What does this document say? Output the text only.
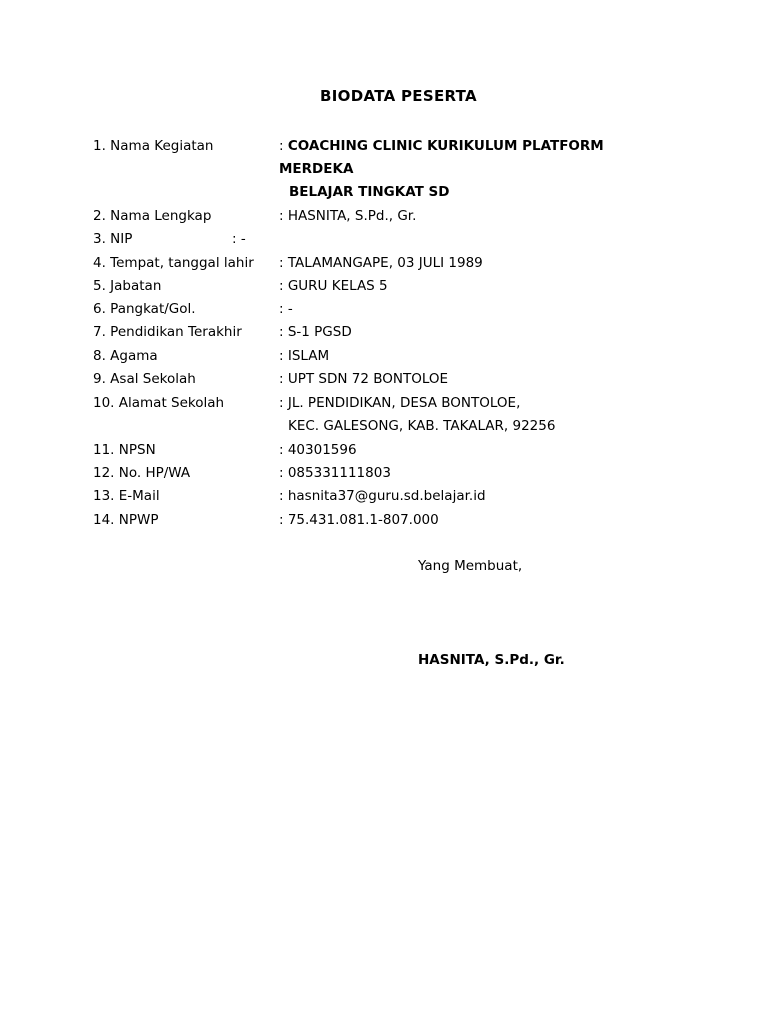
BIODATA PESERTA
1. Nama Kegiatan	: COACHING CLINIC KURIKULUM PLATFORM
MERDEKA
BELAJAR TINGKAT SD
2. Nama Lengkap	: HASNITA, S.Pd., Gr.
3. NIP	: -
4. Tempat, tanggal lahir : TALAMANGAPE, 03 JULI 1989
5. Jabatan	: GURU KELAS 5
6. Pangkat/Gol.	: -
7. Pendidikan Terakhir	: S-1 PGSD
8. Agama	: ISLAM
9. Asal Sekolah	: UPT SDN 72 BONTOLOE
10. Alamat Sekolah	: JL. PENDIDIKAN, DESA BONTOLOE,
KEC. GALESONG, KAB. TAKALAR, 92256
11. NPSN	: 40301596
12. No. HP/WA	: 085331111803
13. E-Mail	: hasnita37@guru.sd.belajar.id
14. NPWP	: 75.431.081.1-807.000
Yang Membuat,
HASNITA, S.Pd., Gr.
